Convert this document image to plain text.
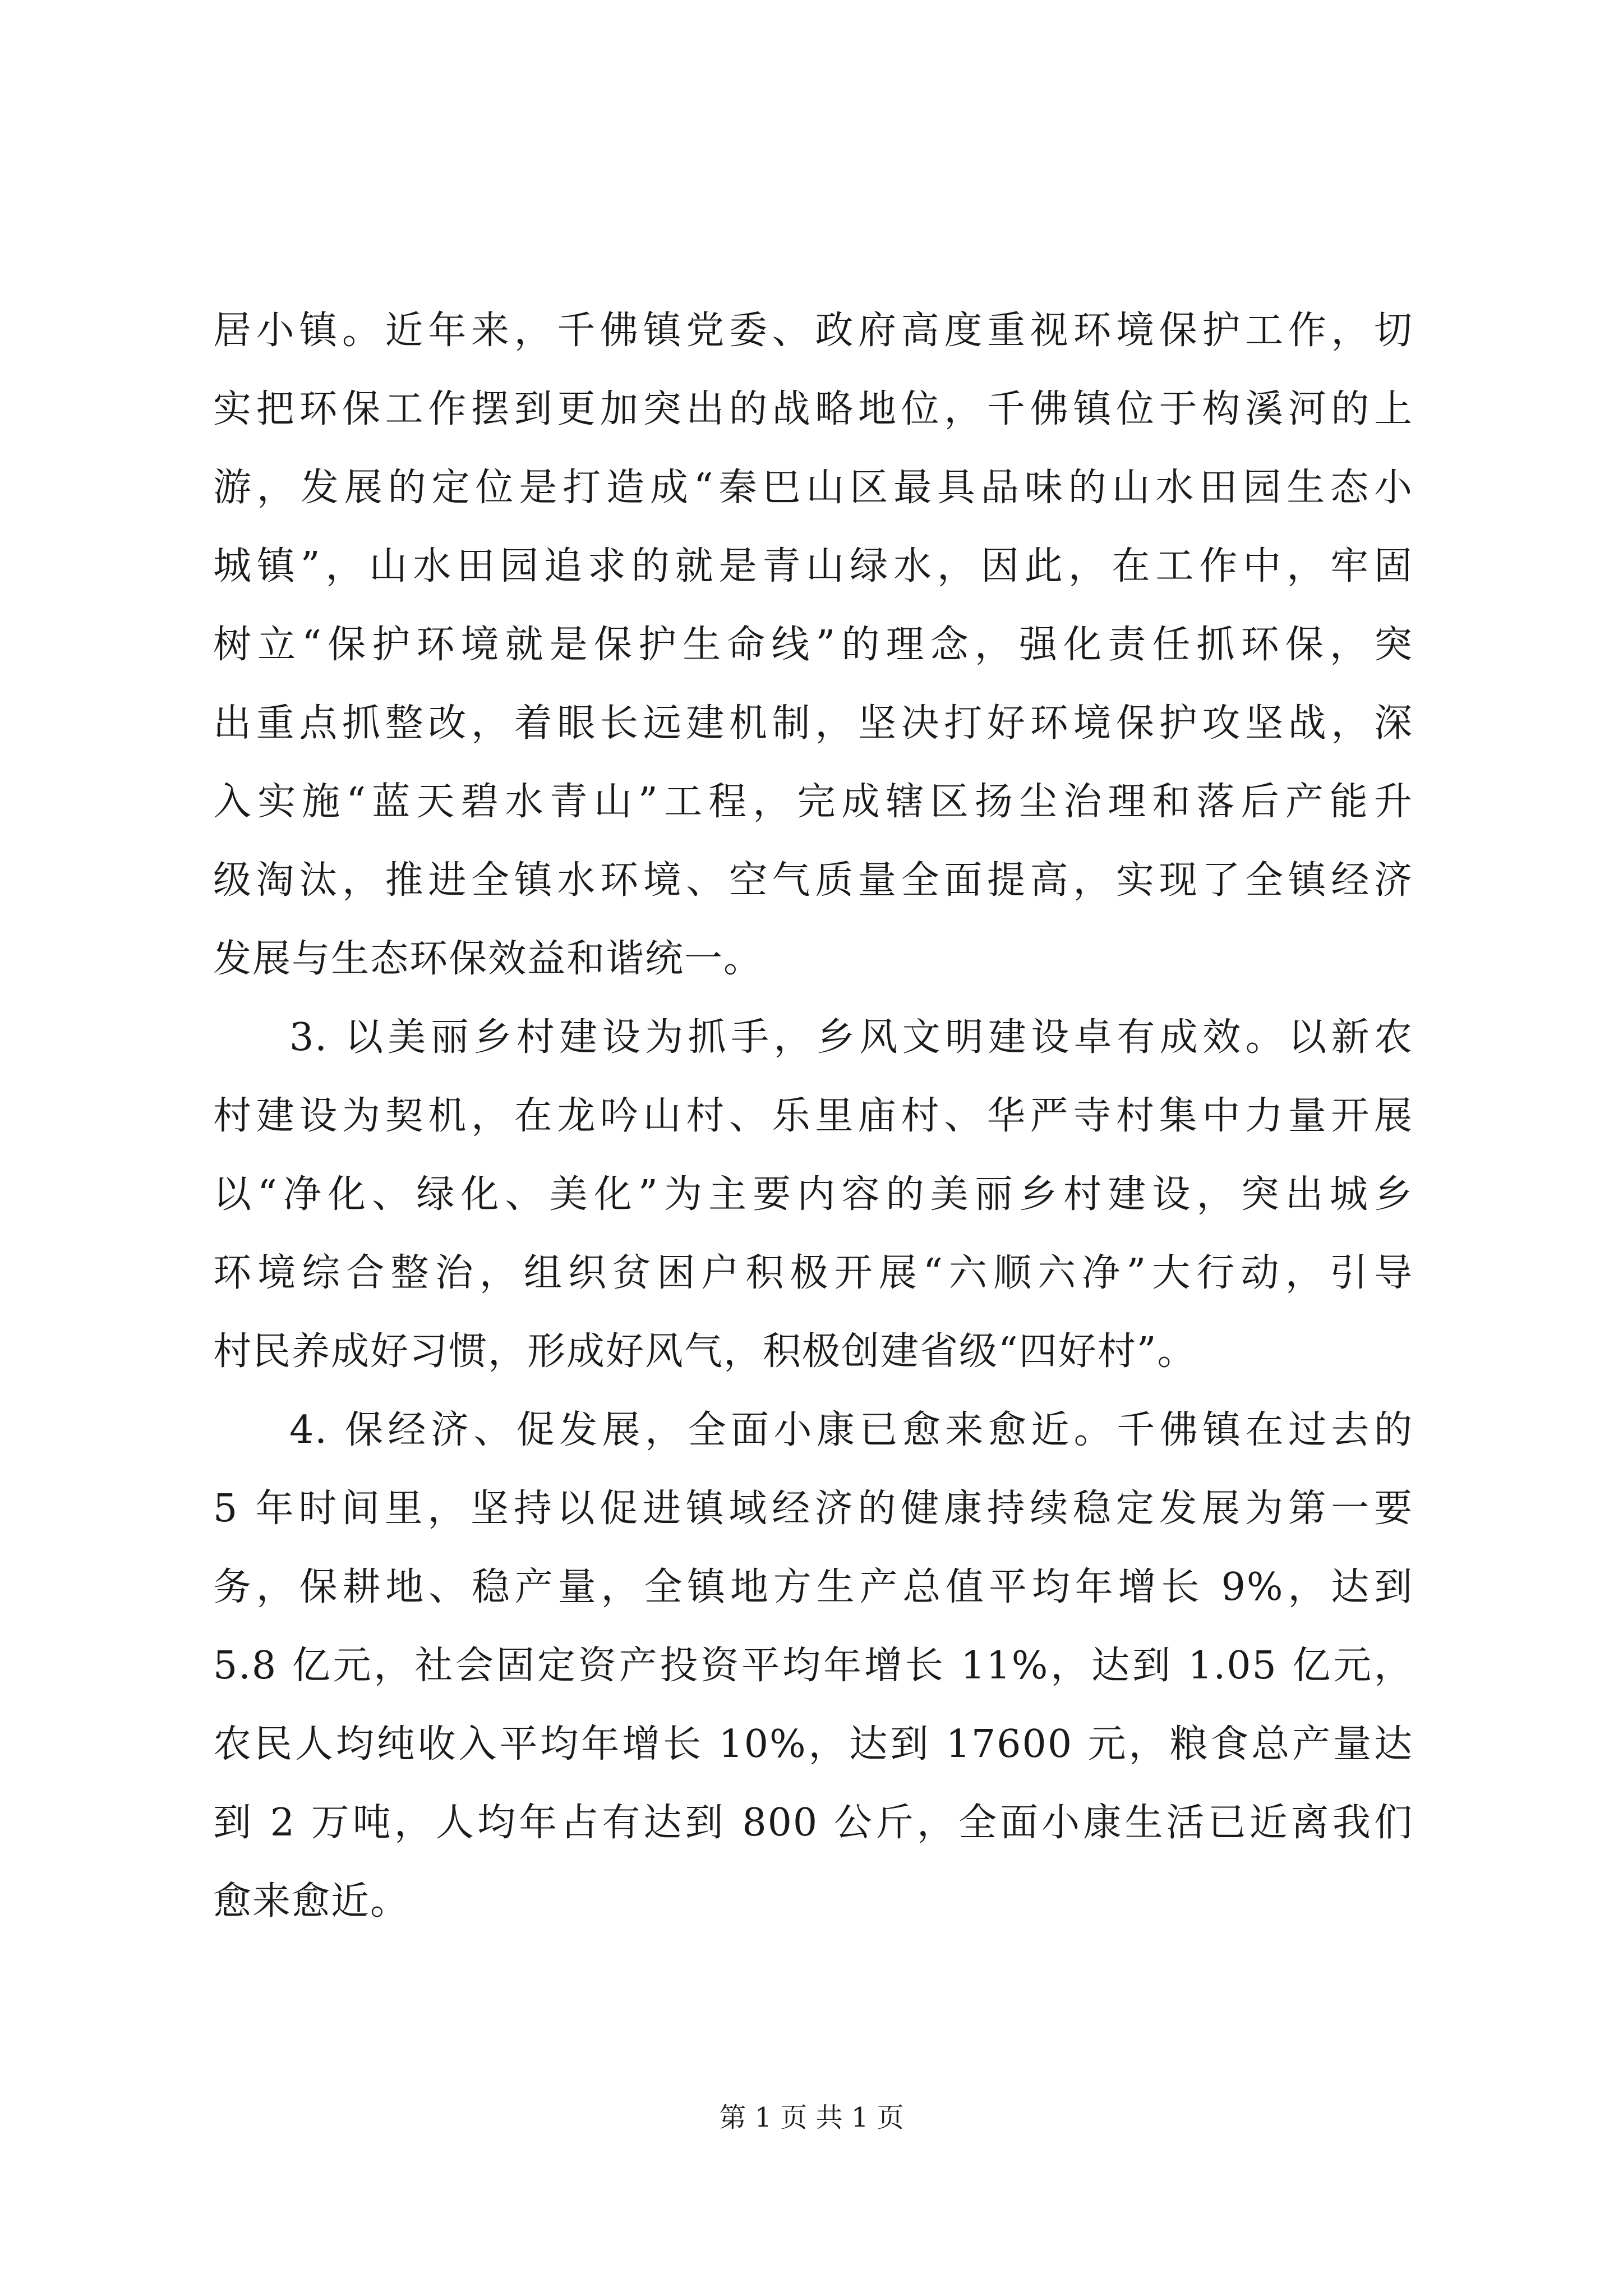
居小镇。近年来，千佛镇党委、政府高度重视环境保护工作，切
实把环保工作摆到更加突出的战略地位，千佛镇位于构溪河的上
游，发展的定位是打造成“秦巴山区最具品味的山水田园生态小
城镇”，山水田园追求的就是青山绿水，因此，在工作中，牢固
树立“保护环境就是保护生命线”的理念，强化责任抓环保，突
出重点抓整改，着眼长远建机制，坚决打好环境保护攻坚战，深
入实施“蓝天碧水青山”工程，完成辖区扬尘治理和落后产能升
级淘汰，推进全镇水环境、空气质量全面提高，实现了全镇经济
发展与生态环保效益和谐统一。
3. 以美丽乡村建设为抓手，乡风文明建设卓有成效。以新农
村建设为契机，在龙吟山村、乐里庙村、华严寺村集中力量开展
以“净化、绿化、美化”为主要内容的美丽乡村建设，突出城乡
环境综合整治，组织贫困户积极开展“六顺六净”大行动，引导
村民养成好习惯，形成好风气，积极创建省级“四好村”。
4. 保经济、促发展，全面小康已愈来愈近。千佛镇在过去的
5 年时间里，坚持以促进镇域经济的健康持续稳定发展为第一要
务，保耕地、稳产量，全镇地方生产总值平均年增长 9%，达到
5.8 亿元，社会固定资产投资平均年增长 11%，达到 1.05 亿元，
农民人均纯收入平均年增长 10%，达到 17600 元，粮食总产量达
到 2 万吨，人均年占有达到 800 公斤，全面小康生活已近离我们
愈来愈近。
第 1 页 共 1 页
